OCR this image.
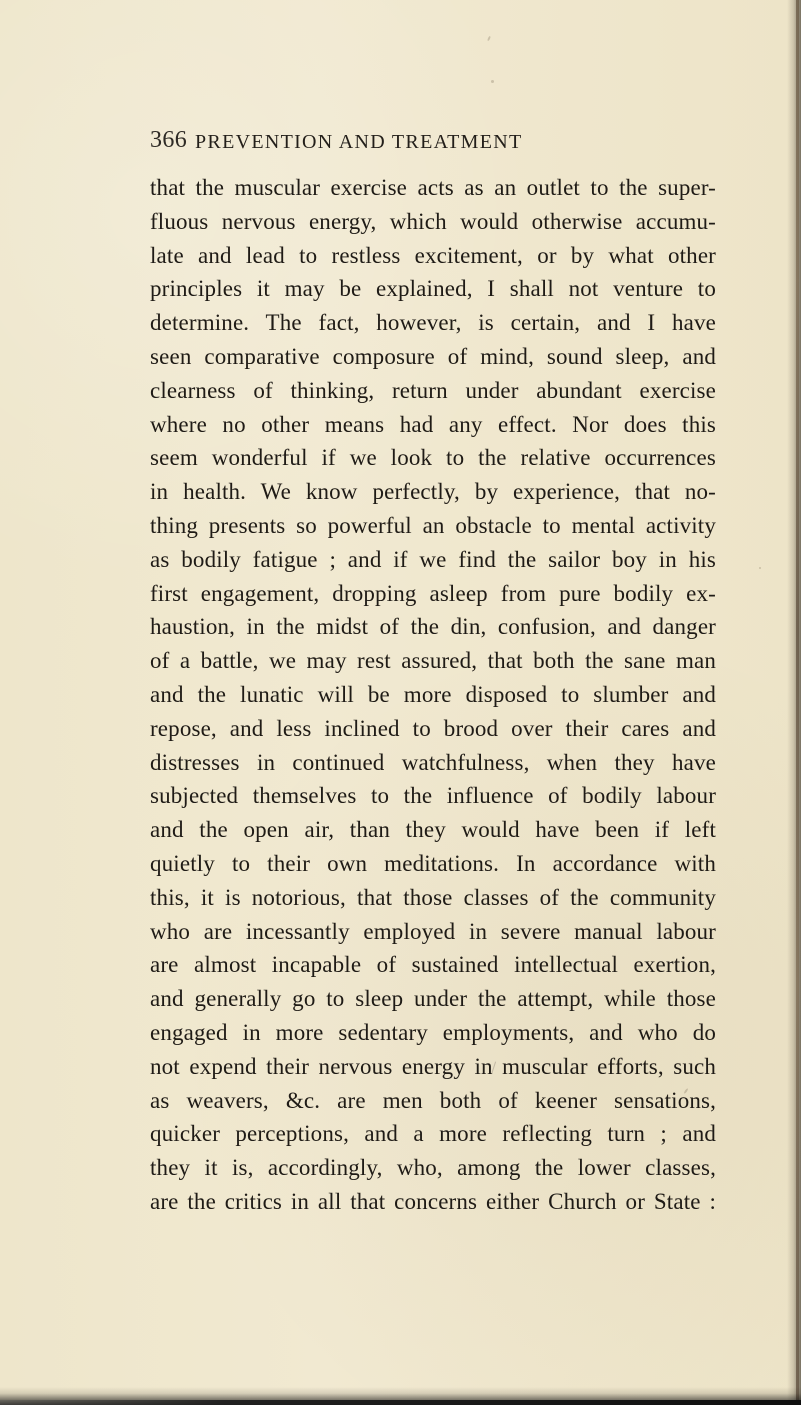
366 PREVENTION AND TREATMENT
that the muscular exercise acts as an outlet to the super-
fluous nervous energy, which would otherwise accumu-
late and lead to restless excitement, or by what other
principles it may be explained, I shall not venture to
determine. The fact, however, is certain, and I have
seen comparative composure of mind, sound sleep, and
clearness of thinking, return under abundant exercise
where no other means had any effect. Nor does this
seem wonderful if we look to the relative occurrences
in health. We know perfectly, by experience, that no-
thing presents so powerful an obstacle to mental activity
as bodily fatigue ; and if we find the sailor boy in his
first engagement, dropping asleep from pure bodily ex-
haustion, in the midst of the din, confusion, and danger
of a battle, we may rest assured, that both the sane man
and the lunatic will be more disposed to slumber and
repose, and less inclined to brood over their cares and
distresses in continued watchfulness, when they have
subjected themselves to the influence of bodily labour
and the open air, than they would have been if left
quietly to their own meditations. In accordance with
this, it is notorious, that those classes of the community
who are incessantly employed in severe manual labour
are almost incapable of sustained intellectual exertion,
and generally go to sleep under the attempt, while those
engaged in more sedentary employments, and who do
not expend their nervous energy in muscular efforts, such
as weavers, &c. are men both of keener sensations,
quicker perceptions, and a more reflecting turn ; and
they it is, accordingly, who, among the lower classes,
are the critics in all that concerns either Church or State :
